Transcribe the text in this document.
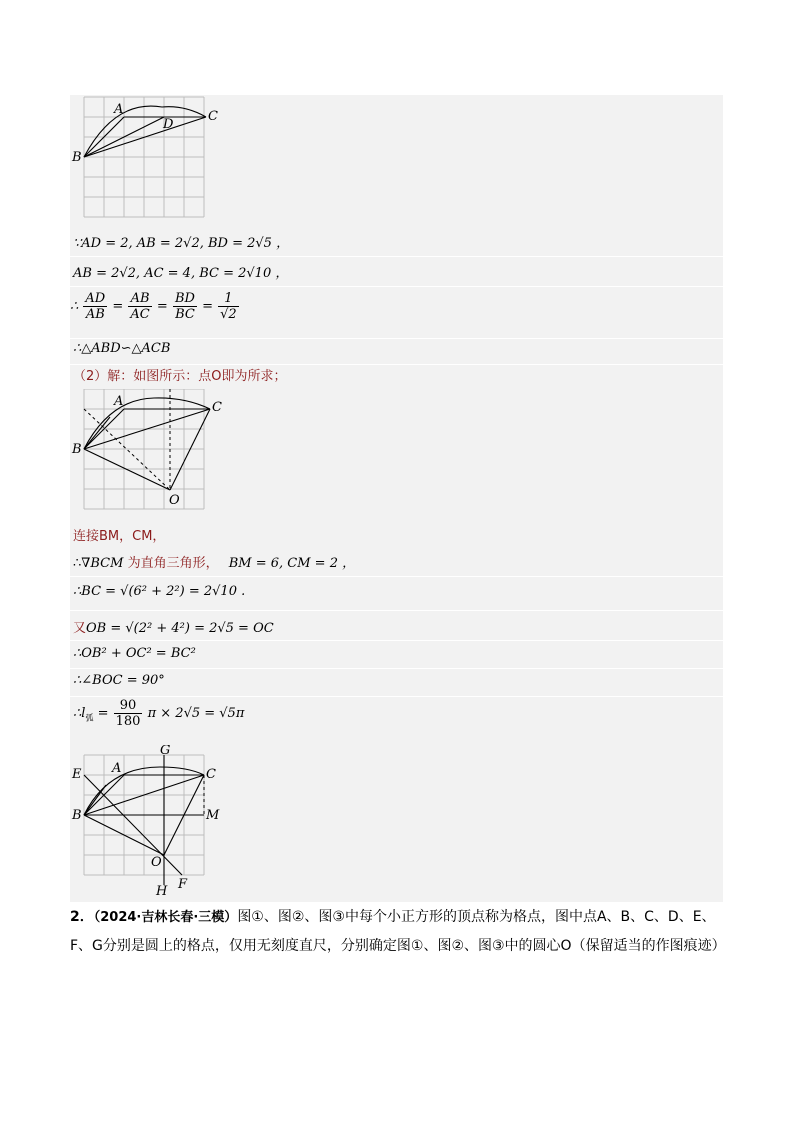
A
B
C
D
∵AD = 2, AB = 2√2, BD = 2√5 ，
AB = 2√2, AC = 4, BC = 2√10 ，
∴ $\frac{AD}{AB} = \frac{AB}{AC} = \frac{BD}{BC} = \frac{1}{√2}$
∴△ABD∽△ACB
（2）解：如图所示：点O即为所求；
A
B
C
O
连接BM，CM，
∴∇BCM 为直角三角形， BM = 6, CM = 2 ，
∴BC = √(6² + 2²) = 2√10 .
又OB = √(2² + 4²) = 2√5 = OC
∴OB² + OC² = BC²
∴∠BOC = 90°
$\therefore l_弧 = \frac{90}{180}$ π × 2√5 = √5π
G
E A	C
B	M
O
H F
2．（2024·吉林长春·三模）图①、图②、图③中每个小正方形的顶点称为格点，图中点A、B、C、D、E、F、G分别是圆上的格点，仅用无刻度直尺，分别确定图①、图②、图③中的圆心O（保留适当的作图痕迹）
